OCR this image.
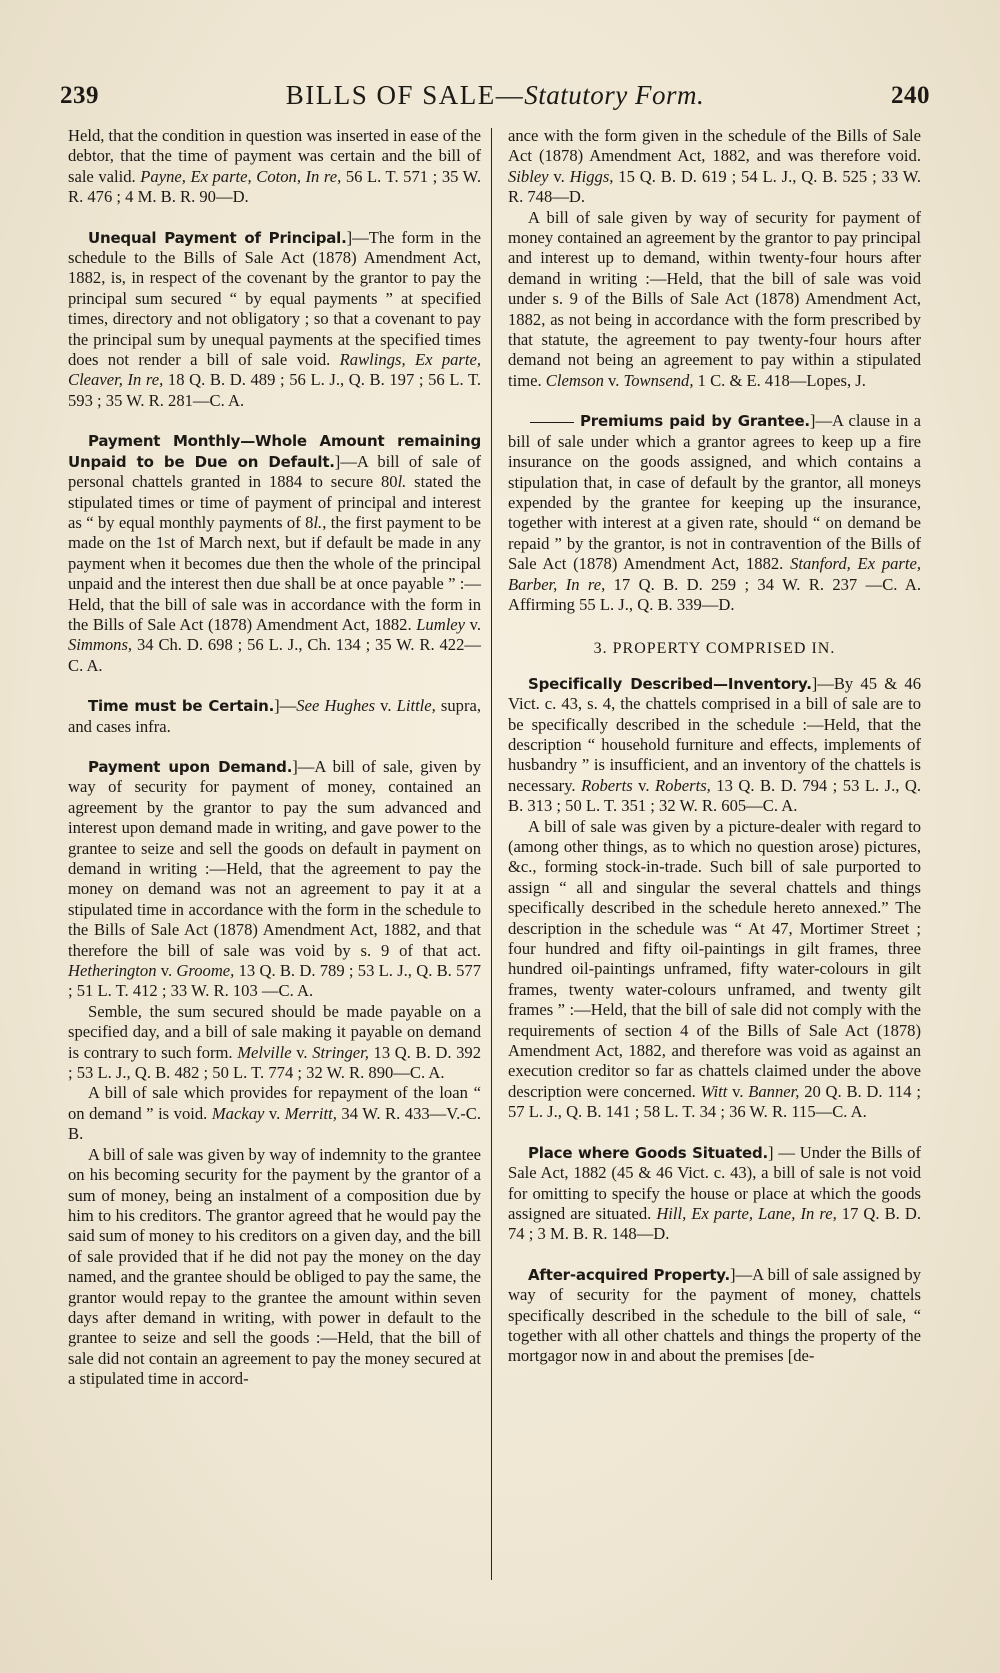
239	BILLS OF SALE—Statutory Form.	240

Held, that the condition in question was inserted in ease of the debtor, that the time of payment was certain and the bill of sale valid. Payne, Ex parte, Coton, In re, 56 L. T. 571 ; 35 W. R. 476 ; 4 M. B. R. 90—D.

Unequal Payment of Principal.]—The form in the schedule to the Bills of Sale Act (1878) Amendment Act, 1882, is, in respect of the covenant by the grantor to pay the principal sum secured “ by equal payments ” at specified times, directory and not obligatory ; so that a covenant to pay the principal sum by unequal payments at the specified times does not render a bill of sale void. Rawlings, Ex parte, Cleaver, In re, 18 Q. B. D. 489 ; 56 L. J., Q. B. 197 ; 56 L. T. 593 ; 35 W. R. 281—C. A.

Payment Monthly—Whole Amount remaining Unpaid to be Due on Default.]—A bill of sale of personal chattels granted in 1884 to secure 80l. stated the stipulated times or time of payment of principal and interest as “ by equal monthly payments of 8l., the first payment to be made on the 1st of March next, but if default be made in any payment when it becomes due then the whole of the principal unpaid and the interest then due shall be at once payable ” :—Held, that the bill of sale was in accordance with the form in the Bills of Sale Act (1878) Amendment Act, 1882. Lumley v. Simmons, 34 Ch. D. 698 ; 56 L. J., Ch. 134 ; 35 W. R. 422—C. A.

Time must be Certain.]—See Hughes v. Little, supra, and cases infra.

Payment upon Demand.]—A bill of sale, given by way of security for payment of money, contained an agreement by the grantor to pay the sum advanced and interest upon demand made in writing, and gave power to the grantee to seize and sell the goods on default in payment on demand in writing :—Held, that the agreement to pay the money on demand was not an agreement to pay it at a stipulated time in accordance with the form in the schedule to the Bills of Sale Act (1878) Amendment Act, 1882, and that therefore the bill of sale was void by s. 9 of that act. Hetherington v. Groome, 13 Q. B. D. 789 ; 53 L. J., Q. B. 577 ; 51 L. T. 412 ; 33 W. R. 103 —C. A.

Semble, the sum secured should be made payable on a specified day, and a bill of sale making it payable on demand is contrary to such form. Melville v. Stringer, 13 Q. B. D. 392 ; 53 L. J., Q. B. 482 ; 50 L. T. 774 ; 32 W. R. 890—C. A.

A bill of sale which provides for repayment of the loan “ on demand ” is void. Mackay v. Merritt, 34 W. R. 433—V.-C. B.

A bill of sale was given by way of indemnity to the grantee on his becoming security for the payment by the grantor of a sum of money, being an instalment of a composition due by him to his creditors. The grantor agreed that he would pay the said sum of money to his creditors on a given day, and the bill of sale provided that if he did not pay the money on the day named, and the grantee should be obliged to pay the same, the grantor would repay to the grantee the amount within seven days after demand in writing, with power in default to the grantee to seize and sell the goods :—Held, that the bill of sale did not contain an agreement to pay the money secured at a stipulated time in accord-

ance with the form given in the schedule of the Bills of Sale Act (1878) Amendment Act, 1882, and was therefore void. Sibley v. Higgs, 15 Q. B. D. 619 ; 54 L. J., Q. B. 525 ; 33 W. R. 748—D.

A bill of sale given by way of security for payment of money contained an agreement by the grantor to pay principal and interest up to demand, within twenty-four hours after demand in writing :—Held, that the bill of sale was void under s. 9 of the Bills of Sale Act (1878) Amendment Act, 1882, as not being in accordance with the form prescribed by that statute, the agreement to pay twenty-four hours after demand not being an agreement to pay within a stipulated time. Clemson v. Townsend, 1 C. & E. 418—Lopes, J.

Premiums paid by Grantee.]—A clause in a bill of sale under which a grantor agrees to keep up a fire insurance on the goods assigned, and which contains a stipulation that, in case of default by the grantor, all moneys expended by the grantee for keeping up the insurance, together with interest at a given rate, should “ on demand be repaid ” by the grantor, is not in contravention of the Bills of Sale Act (1878) Amendment Act, 1882. Stanford, Ex parte, Barber, In re, 17 Q. B. D. 259 ; 34 W. R. 237 —C. A. Affirming 55 L. J., Q. B. 339—D.

3. PROPERTY COMPRISED IN.

Specifically Described—Inventory.]—By 45 & 46 Vict. c. 43, s. 4, the chattels comprised in a bill of sale are to be specifically described in the schedule :—Held, that the description “ household furniture and effects, implements of husbandry ” is insufficient, and an inventory of the chattels is necessary. Roberts v. Roberts, 13 Q. B. D. 794 ; 53 L. J., Q. B. 313 ; 50 L. T. 351 ; 32 W. R. 605—C. A.

A bill of sale was given by a picture-dealer with regard to (among other things, as to which no question arose) pictures, &c., forming stock-in-trade. Such bill of sale purported to assign “ all and singular the several chattels and things specifically described in the schedule hereto annexed.” The description in the schedule was “ At 47, Mortimer Street ; four hundred and fifty oil-paintings in gilt frames, three hundred oil-paintings unframed, fifty water-colours in gilt frames, twenty water-colours unframed, and twenty gilt frames ” :—Held, that the bill of sale did not comply with the requirements of section 4 of the Bills of Sale Act (1878) Amendment Act, 1882, and therefore was void as against an execution creditor so far as chattels claimed under the above description were concerned. Witt v. Banner, 20 Q. B. D. 114 ; 57 L. J., Q. B. 141 ; 58 L. T. 34 ; 36 W. R. 115—C. A.

Place where Goods Situated.] — Under the Bills of Sale Act, 1882 (45 & 46 Vict. c. 43), a bill of sale is not void for omitting to specify the house or place at which the goods assigned are situated. Hill, Ex parte, Lane, In re, 17 Q. B. D. 74 ; 3 M. B. R. 148—D.

After-acquired Property.]—A bill of sale assigned by way of security for the payment of money, chattels specifically described in the schedule to the bill of sale, “ together with all other chattels and things the property of the mortgagor now in and about the premises [de-
